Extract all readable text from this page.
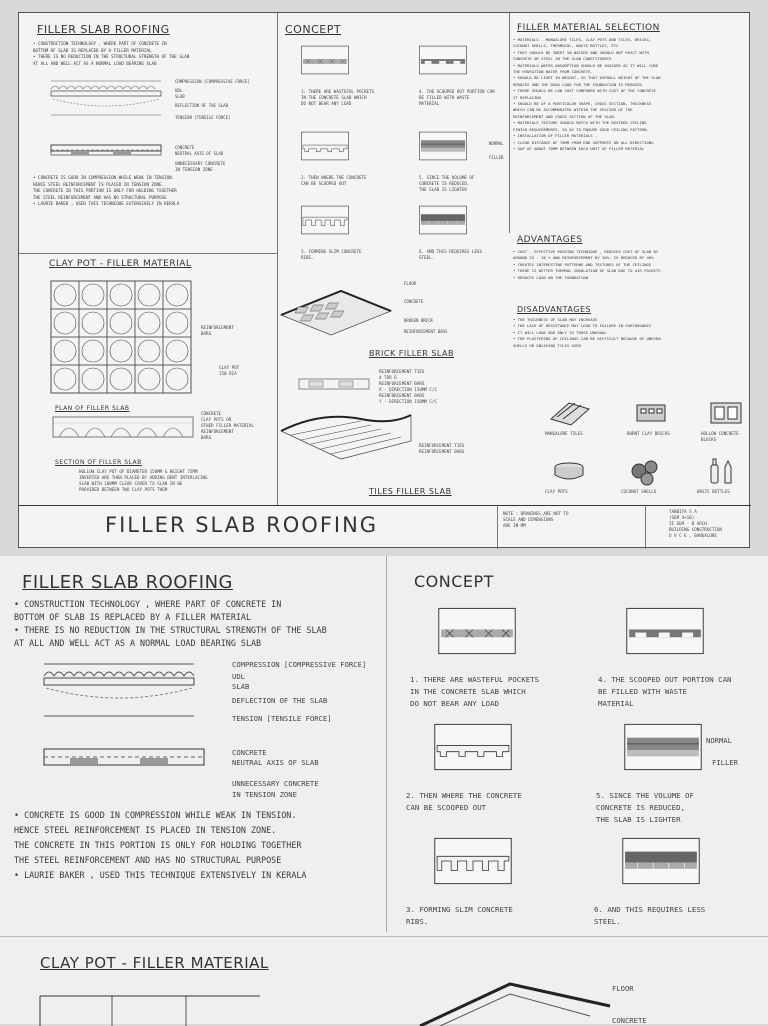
FILLER SLAB ROOFING
• CONSTRUCTION TECHNOLOGY , WHERE PART OF CONCRETE IN
BOTTOM OF SLAB IS REPLACED BY A FILLER MATERIAL
• THERE IS NO REDUCTION IN THE STRUCTURAL STRENGTH OF THE SLAB
AT ALL AND WELL ACT AS A NORMAL LOAD BEARING SLAB
COMPRESSION [COMPRESSIVE FORCE]
UDL
SLAB
DEFLECTION OF THE SLAB
TENSION [TENSILE FORCE]
CONCRETE
NEUTRAL AXIS OF SLAB
UNNECESSARY CONCRETE
IN TENSION ZONE
• CONCRETE IS GOOD IN COMPRESSION WHILE WEAK IN TENSION.
HENCE STEEL REINFORCEMENT IS PLACED IN TENSION ZONE.
THE CONCRETE IN THIS PORTION IS ONLY FOR HOLDING TOGETHER
THE STEEL REINFORCEMENT AND HAS NO STRUCTURAL PURPOSE
• LAURIE BAKER , USED THIS TECHNIQUE EXTENSIVELY IN KERALA
CLAY POT - FILLER MATERIAL
REINFORCEMENT
BARS
CLAY POT
150 DIA
PLAN OF FILLER SLAB
CONCRETE
CLAY POTS OR
OTHER FILLER MATERIAL
REINFORCEMENT
BARS
SECTION OF FILLER SLAB
HOLLOW CLAY POT OF DIAMETER 150MM & HEIGHT 75MM
INVERTED ARE THEN PLACED BY ADDING BENT INTERLACING
SLAB WITH 100MM CLEAR COVER TO SLAB IN BE
PROVIDED BETWEEN TWO CLAY POTS THEM
CONCEPT
1. THERE ARE WASTEFUL POCKETS
IN THE CONCRETE SLAB WHICH
DO NOT BEAR ANY LOAD
4. THE SCOOPED OUT PORTION CAN
BE FILLED WITH WASTE
MATERIAL
2. THEN WHERE THE CONCRETE
CAN BE SCOOPED OUT
5. SINCE THE VOLUME OF
CONCRETE IS REDUCED,
THE SLAB IS LIGHTER
3. FORMING SLIM CONCRETE
RIBS.
6. AND THIS REQUIRES LESS
STEEL.
NORMAL
FILLER
FLOOR
CONCRETE
BROKEN BRICK
REINFORCEMENT BARS
BRICK FILLER SLAB
REINFORCEMENT TIES
4 TOR 6
REINFORCEMENT BARS
X - DIRECTION 150MM C/C
REINFORCEMENT BARS
Y - DIRECTION 150MM C/C
REINFORCEMENT TIES
REINFORCEMENT BARS
TILES FILLER SLAB
FILLER MATERIAL SELECTION
• MATERIALS - MANGALORE TILES, CLAY POTS AND TILES, BRICKS,
COCONUT SHELLS, THERMOCOL, WASTE BOTTLES, ETC
• THEY SHOULD BE INERT IN NATURE AND SHOULD NOT REACT WITH
CONCRETE OR STEEL IN THE SLAB CONSTITUENTS
• MATERIALS WATER ABSORPTION SHOULD BE AVOIDED AS IT WILL CURE
THE HYDRATION WATER FROM CONCRETE.
• SHOULD BE LIGHT IN WEIGHT, SO THAT OVERALL WEIGHT OF THE SLAB
REDUCES AND THE DEAD LOAD FOR THE FOUNDATION IS REDUCED
• THERE SHOULD BE LOW COST COMPARED WITH COST OF THE CONCRETE
IT REPLACING
• SHOULD BE OF A PARTICULAR SHAPE, CROSS SECTION, THICKNESS
WHICH CAN BE ACCOMMODATED WITHIN THE SPACING OF THE
REINFORCEMENT AND CROSS SECTION OF THE SLAB.
• MATERIALS TEXTURE SHOULD MATCH WITH THE DESIRED CEILING
FINISH REQUIREMENTS, SO AS TO ENSURE GOOD CEILING PATTERN.
• INSTALLATION OF FILLER MATERIALS -
• CLEAR DISTANCE OF 70MM FROM END SUPPORTS ON ALL DIRECTIONS
• GAP OF ABOUT 70MM BETWEEN EACH UNIT OF FILLER MATERIAL
ADVANTAGES
• COST - EFFECTIVE ROOFING TECHNIQUE , REDUCES COST OF SLAB BY
AROUND 25 - 30 % AND REINFORCEMENT BY 30%. IS REDUCED BY 40%
• CREATES INTERESTING PATTERNS AND TEXTURES OF THE CEILINGS
• THERE IS BETTER THERMAL INSULATION OF SLAB DUE TO AIR POCKETS
• REDUCES LOAD ON THE FOUNDATION
DISADVANTAGES
• THE THICKNESS OF SLAB MAY INCREASE
• THE LACK OF RESISTANCE MAY LEAD TO FAILURE IN EARTHQUAKES
• IT WILL LOOK ODD ONLY TO THOSE UNUSUAL
• THE PLASTERING OF CEILINGS CAN BE DIFFICULT BECAUSE OF UNEVEN
SHELLS OR ENCASING TILES USED
MANGALORE TILES	BURNT CLAY BRICKS	HOLLOW CONCRETE
BLOCKS
CLAY POTS	COCONUT SHELLS	WASTE BOTTLES
FILLER SLAB ROOFING	NOTE : DRAWINGS ARE NOT TO
SCALE AND DIMENSIONS
ARE IN MM
TANBIYA S A
(SEM 4+10)
II SEM - B ARCH
BUILDING CONSTRUCTION
U V C E , BANGALORE
FILLER SLAB ROOFING
• CONSTRUCTION TECHNOLOGY , WHERE PART OF CONCRETE IN
BOTTOM OF SLAB IS REPLACED BY A FILLER MATERIAL
• THERE IS NO REDUCTION IN THE STRUCTURAL STRENGTH OF THE SLAB
AT ALL AND WELL ACT AS A NORMAL LOAD BEARING SLAB
COMPRESSION [COMPRESSIVE FORCE]
UDL
SLAB
DEFLECTION OF THE SLAB
TENSION [TENSILE FORCE]
CONCRETE
NEUTRAL AXIS OF SLAB
UNNECESSARY CONCRETE
IN TENSION ZONE
• CONCRETE IS GOOD IN COMPRESSION WHILE WEAK IN TENSION.
HENCE STEEL REINFORCEMENT IS PLACED IN TENSION ZONE.
THE CONCRETE IN THIS PORTION IS ONLY FOR HOLDING TOGETHER
THE STEEL REINFORCEMENT AND HAS NO STRUCTURAL PURPOSE
• LAURIE BAKER , USED THIS TECHNIQUE EXTENSIVELY IN KERALA
CONCEPT
1. THERE ARE WASTEFUL POCKETS
IN THE CONCRETE SLAB WHICH
DO NOT BEAR ANY LOAD
4. THE SCOOPED OUT PORTION CAN
BE FILLED WITH WASTE
MATERIAL
2. THEN WHERE THE CONCRETE
CAN BE SCOOPED OUT
5. SINCE THE VOLUME OF
CONCRETE IS REDUCED,
THE SLAB IS LIGHTER
3. FORMING SLIM CONCRETE
RIBS.
6. AND THIS REQUIRES LESS
STEEL.
NORMAL
FILLER
CLAY POT - FILLER MATERIAL
FLOOR
CONCRETE
